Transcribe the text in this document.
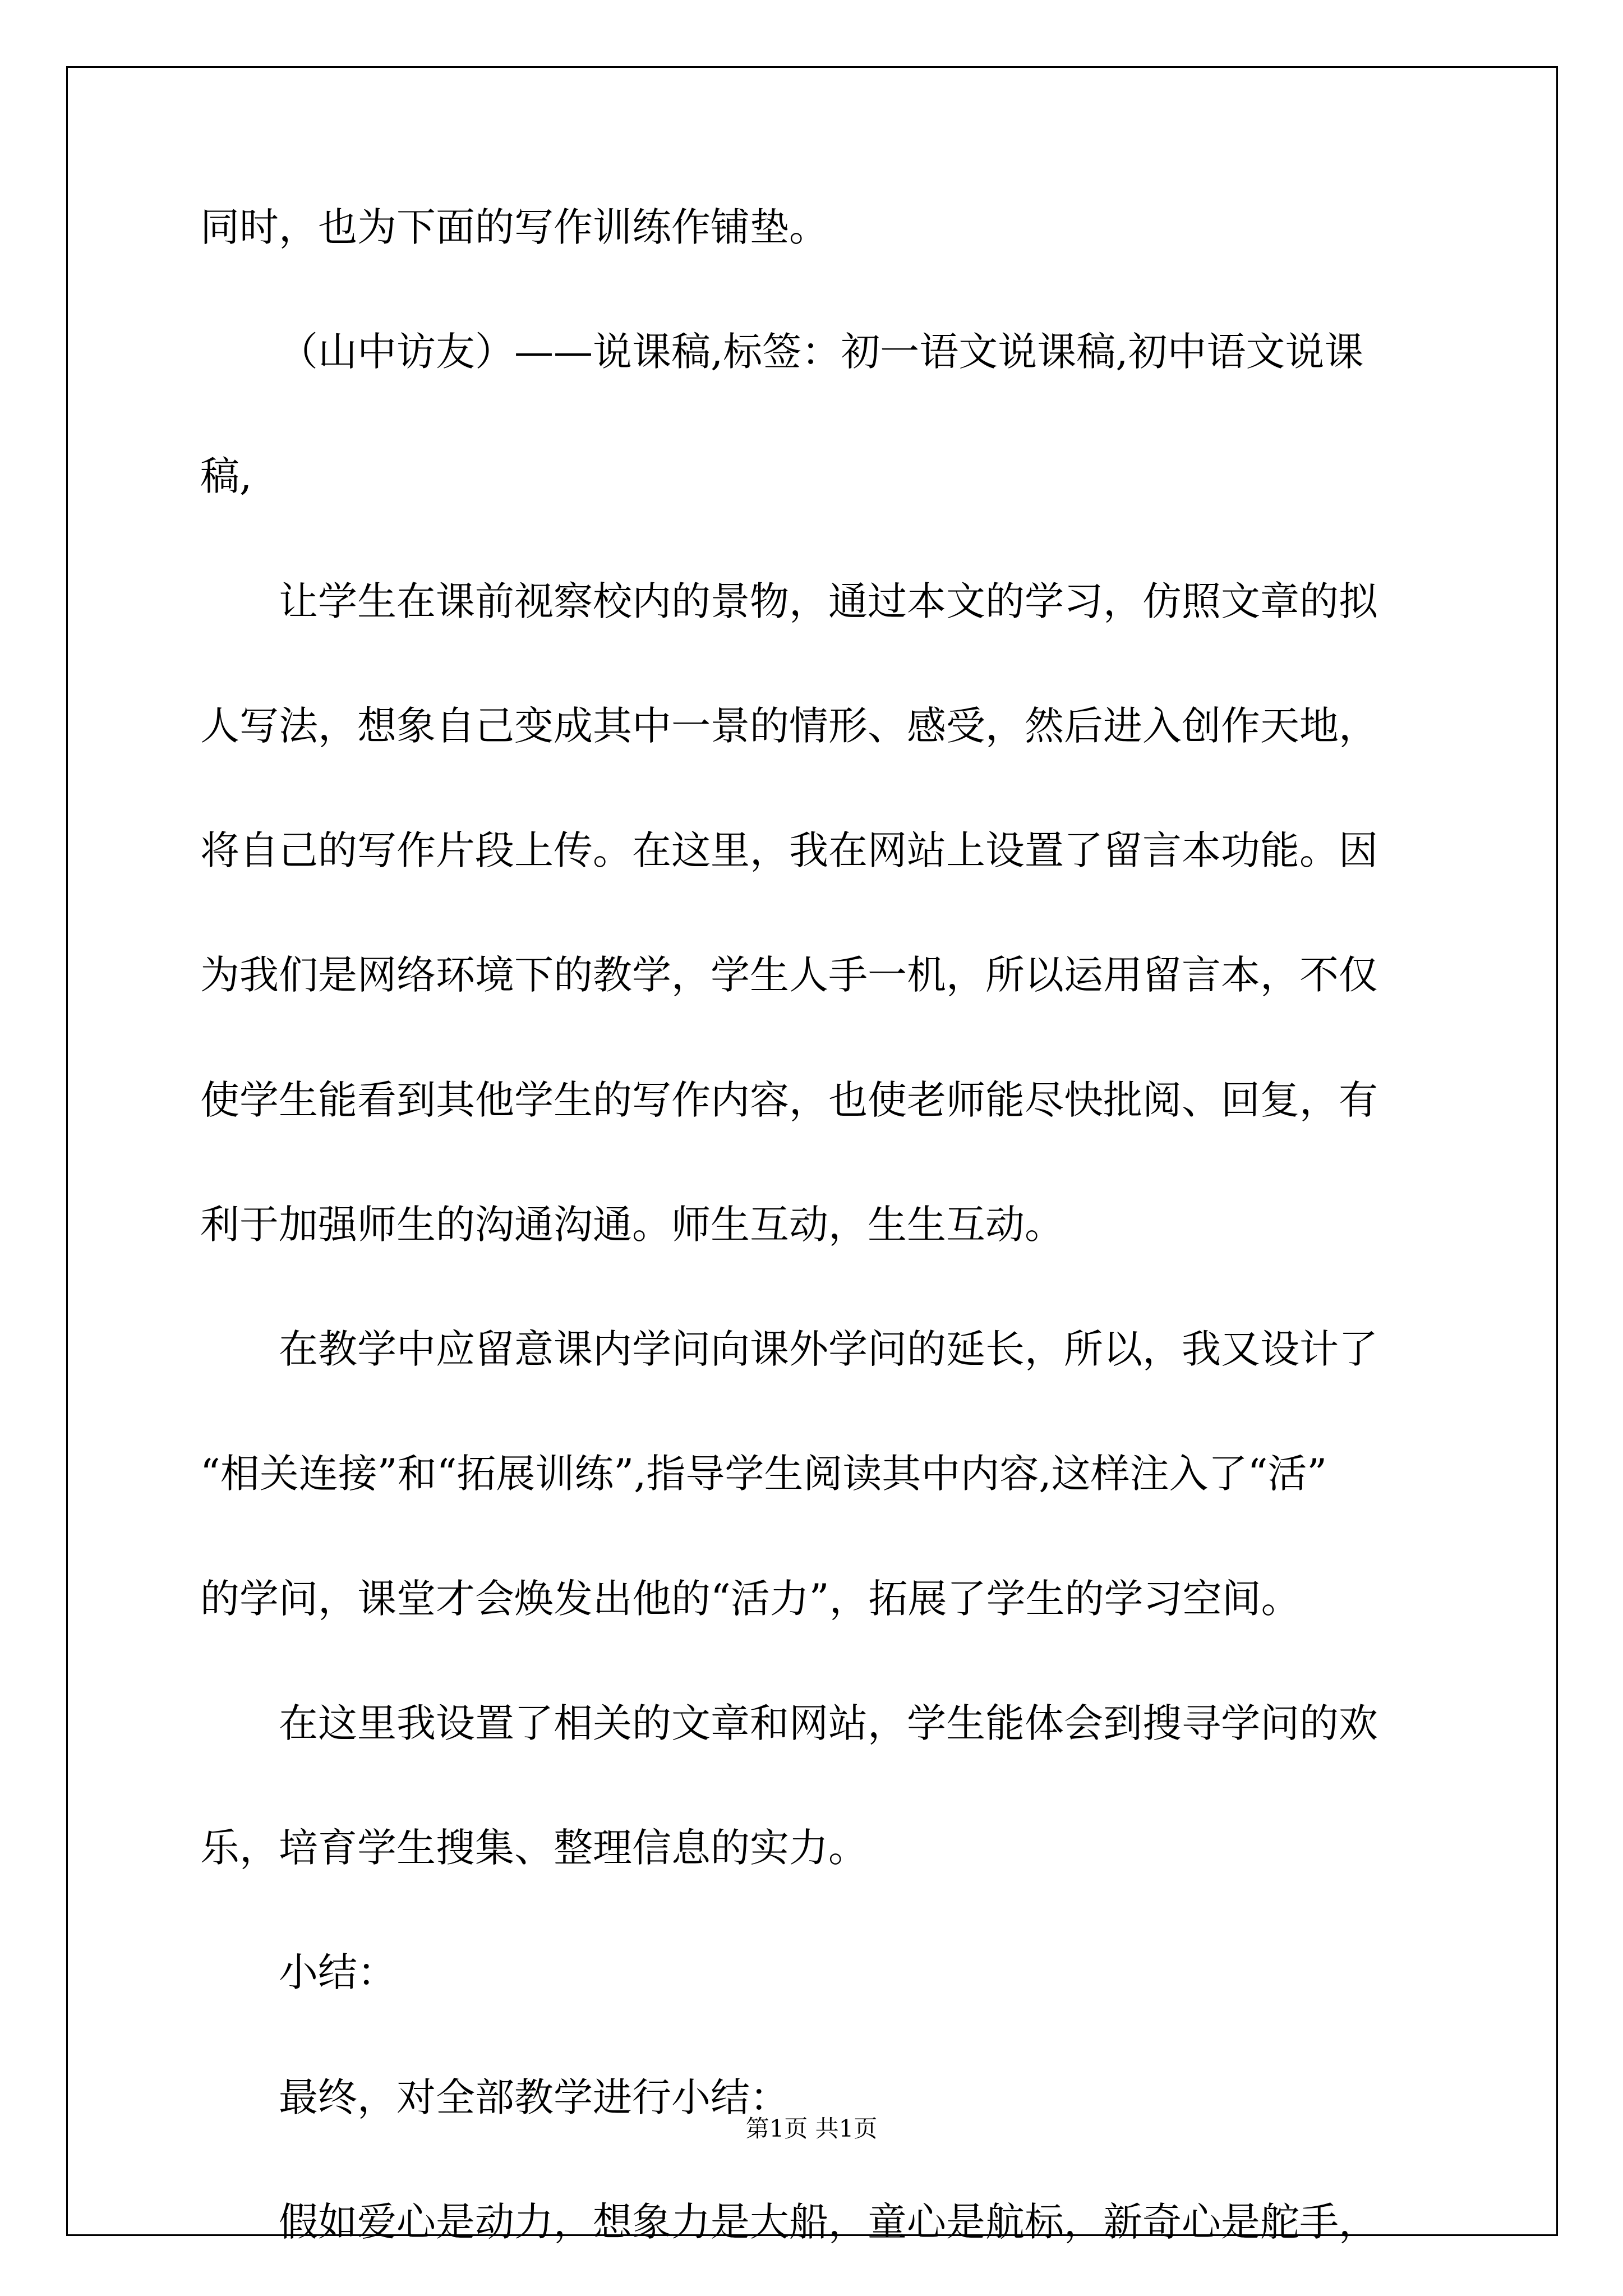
同时，也为下面的写作训练作铺垫。
（山中访友）——说课稿,标签：初一语文说课稿,初中语文说课
稿,
让学生在课前视察校内的景物，通过本文的学习，仿照文章的拟
人写法，想象自己变成其中一景的情形、感受，然后进入创作天地，
将自己的写作片段上传。在这里，我在网站上设置了留言本功能。因
为我们是网络环境下的教学，学生人手一机，所以运用留言本，不仅
使学生能看到其他学生的写作内容，也使老师能尽快批阅、回复，有
利于加强师生的沟通沟通。师生互动，生生互动。
在教学中应留意课内学问向课外学问的延长，所以，我又设计了
“相关连接”和“拓展训练”,指导学生阅读其中内容,这样注入了“活”
的学问，课堂才会焕发出他的“活力”，拓展了学生的学习空间。
在这里我设置了相关的文章和网站，学生能体会到搜寻学问的欢
乐，培育学生搜集、整理信息的实力。
小结：
最终，对全部教学进行小结：
假如爱心是动力，想象力是大船，童心是航标，新奇心是舵手，
第1页 共1页
